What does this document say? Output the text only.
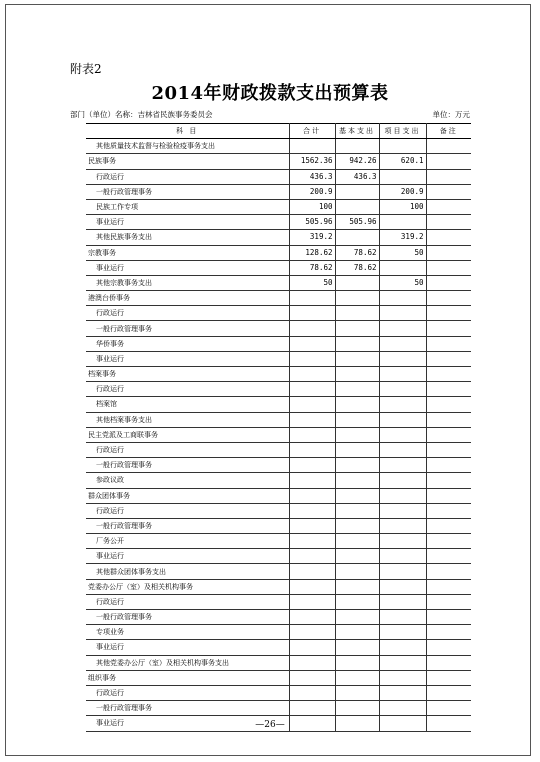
附表2
2014年财政拨款支出预算表
部门（单位）名称：吉林省民族事务委员会	单位：万元
科 目	合计	基本支出	项目支出	备注
其他质量技术监督与检验检疫事务支出				
民族事务	1562.36	942.26	620.1	
行政运行	436.3	436.3		
一般行政管理事务	200.9		200.9	
民族工作专项	100		100	
事业运行	505.96	505.96		
其他民族事务支出	319.2		319.2	
宗教事务	128.62	78.62	50	
事业运行	78.62	78.62		
其他宗教事务支出	50		50	
港澳台侨事务				
行政运行				
一般行政管理事务				
华侨事务				
事业运行				
档案事务				
行政运行				
档案馆				
其他档案事务支出				
民主党派及工商联事务				
行政运行				
一般行政管理事务				
参政议政				
群众团体事务				
行政运行				
一般行政管理事务				
厂务公开				
事业运行				
其他群众团体事务支出				
党委办公厅（室）及相关机构事务				
行政运行				
一般行政管理事务				
专项业务				
事业运行				
其他党委办公厅（室）及相关机构事务支出				
组织事务				
行政运行				
一般行政管理事务				
事业运行					—26—
